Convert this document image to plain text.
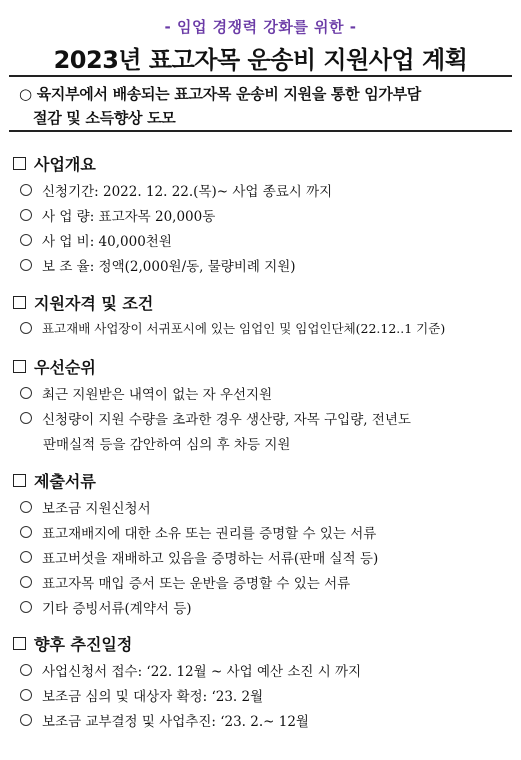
- 임업 경쟁력 강화를 위한 -
2023년 표고자목 운송비 지원사업 계획
○ 육지부에서 배송되는 표고자목 운송비 지원을 통한 임가부담
절감 및 소득향상 도모
사업개요
신청기간: 2022. 12. 22.(목)~ 사업 종료시 까지
사 업 량: 표고자목 20,000동
사 업 비: 40,000천원
보 조 율: 정액(2,000원/동, 물량비례 지원)
지원자격 및 조건
표고재배 사업장이 서귀포시에 있는 임업인 및 임업인단체(22.12..1 기준)
우선순위
최근 지원받은 내역이 없는 자 우선지원
신청량이 지원 수량을 초과한 경우 생산량, 자목 구입량, 전년도
판매실적 등을 감안하여 심의 후 차등 지원
제출서류
보조금 지원신청서
표고재배지에 대한 소유 또는 권리를 증명할 수 있는 서류
표고버섯을 재배하고 있음을 증명하는 서류(판매 실적 등)
표고자목 매입 증서 또는 운반을 증명할 수 있는 서류
기타 증빙서류(계약서 등)
향후 추진일정
사업신청서 접수: ‘22. 12월 ~ 사업 예산 소진 시 까지
보조금 심의 및 대상자 확정: ‘23. 2월
보조금 교부결정 및 사업추진: ‘23. 2.~ 12월
